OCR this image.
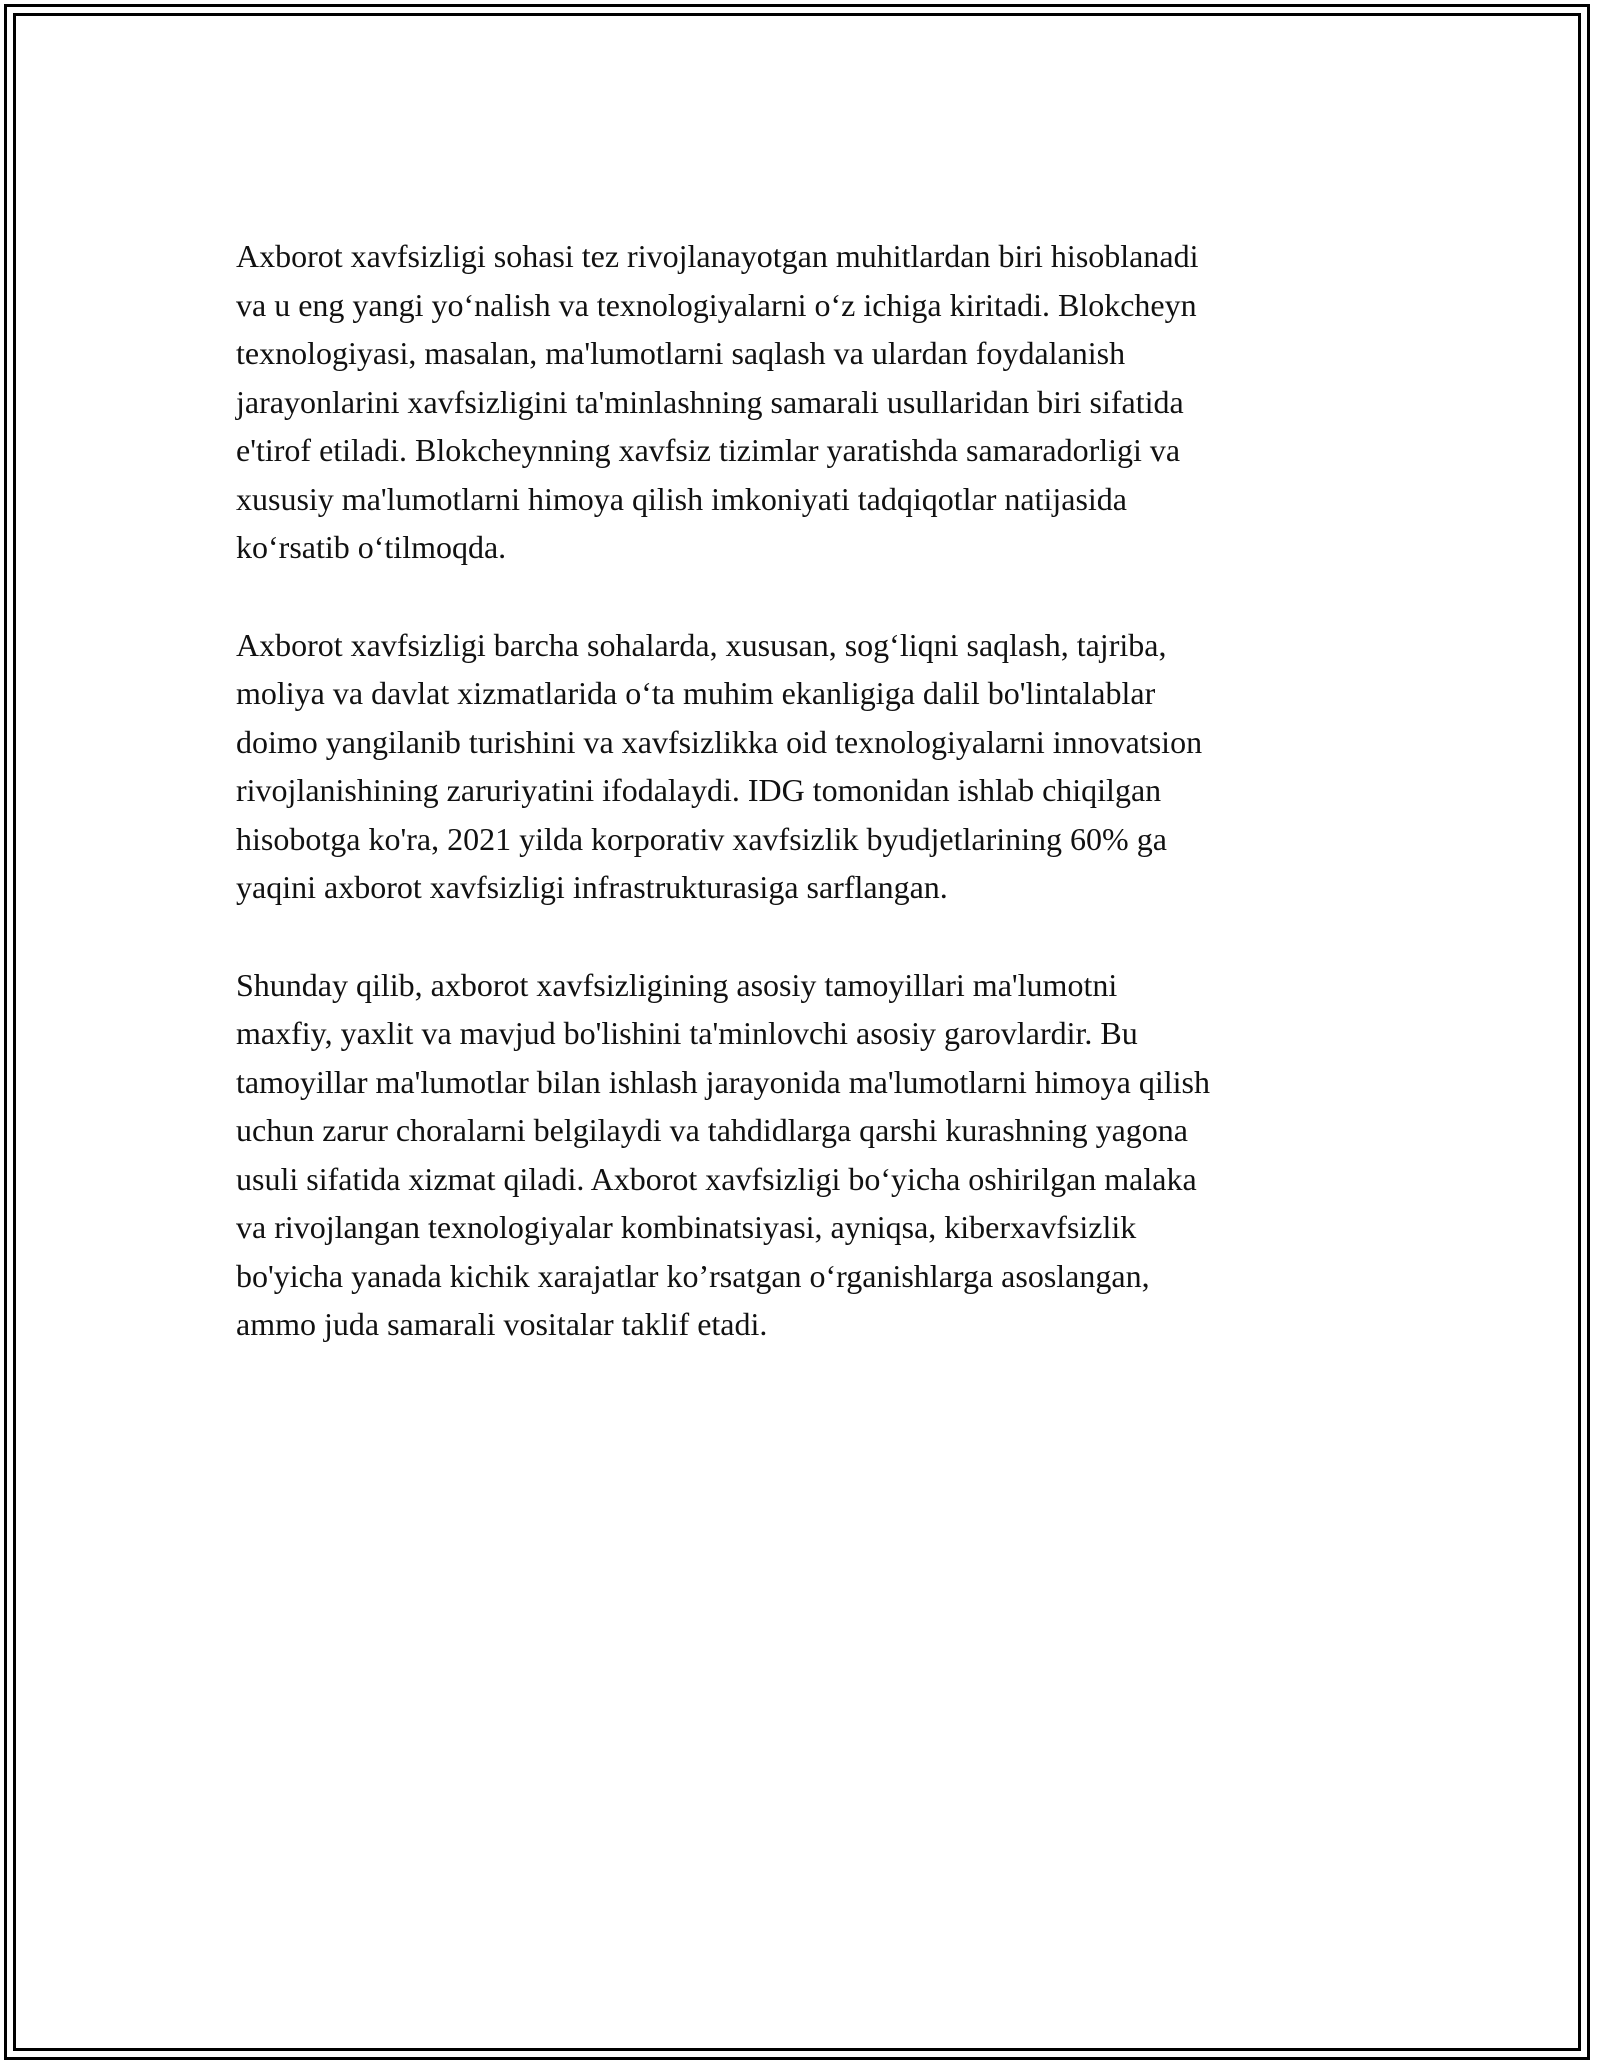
Axborot xavfsizligi sohasi tez rivojlanayotgan muhitlardan biri hisoblanadi
va u eng yangi yo‘nalish va texnologiyalarni o‘z ichiga kiritadi. Blokcheyn
texnologiyasi, masalan, ma'lumotlarni saqlash va ulardan foydalanish
jarayonlarini xavfsizligini ta'minlashning samarali usullaridan biri sifatida
e'tirof etiladi. Blokcheynning xavfsiz tizimlar yaratishda samaradorligi va
xususiy ma'lumotlarni himoya qilish imkoniyati tadqiqotlar natijasida
ko‘rsatib o‘tilmoqda.

Axborot xavfsizligi barcha sohalarda, xususan, sog‘liqni saqlash, tajriba,
moliya va davlat xizmatlarida o‘ta muhim ekanligiga dalil bo'lintalablar
doimo yangilanib turishini va xavfsizlikka oid texnologiyalarni innovatsion
rivojlanishining zaruriyatini ifodalaydi. IDG tomonidan ishlab chiqilgan
hisobotga ko'ra, 2021 yilda korporativ xavfsizlik byudjetlarining 60% ga
yaqini axborot xavfsizligi infrastrukturasiga sarflangan.

Shunday qilib, axborot xavfsizligining asosiy tamoyillari ma'lumotni
maxfiy, yaxlit va mavjud bo'lishini ta'minlovchi asosiy garovlardir. Bu
tamoyillar ma'lumotlar bilan ishlash jarayonida ma'lumotlarni himoya qilish
uchun zarur choralarni belgilaydi va tahdidlarga qarshi kurashning yagona
usuli sifatida xizmat qiladi. Axborot xavfsizligi bo‘yicha oshirilgan malaka
va rivojlangan texnologiyalar kombinatsiyasi, ayniqsa, kiberxavfsizlik
bo'yicha yanada kichik xarajatlar ko’rsatgan o‘rganishlarga asoslangan,
ammo juda samarali vositalar taklif etadi.
